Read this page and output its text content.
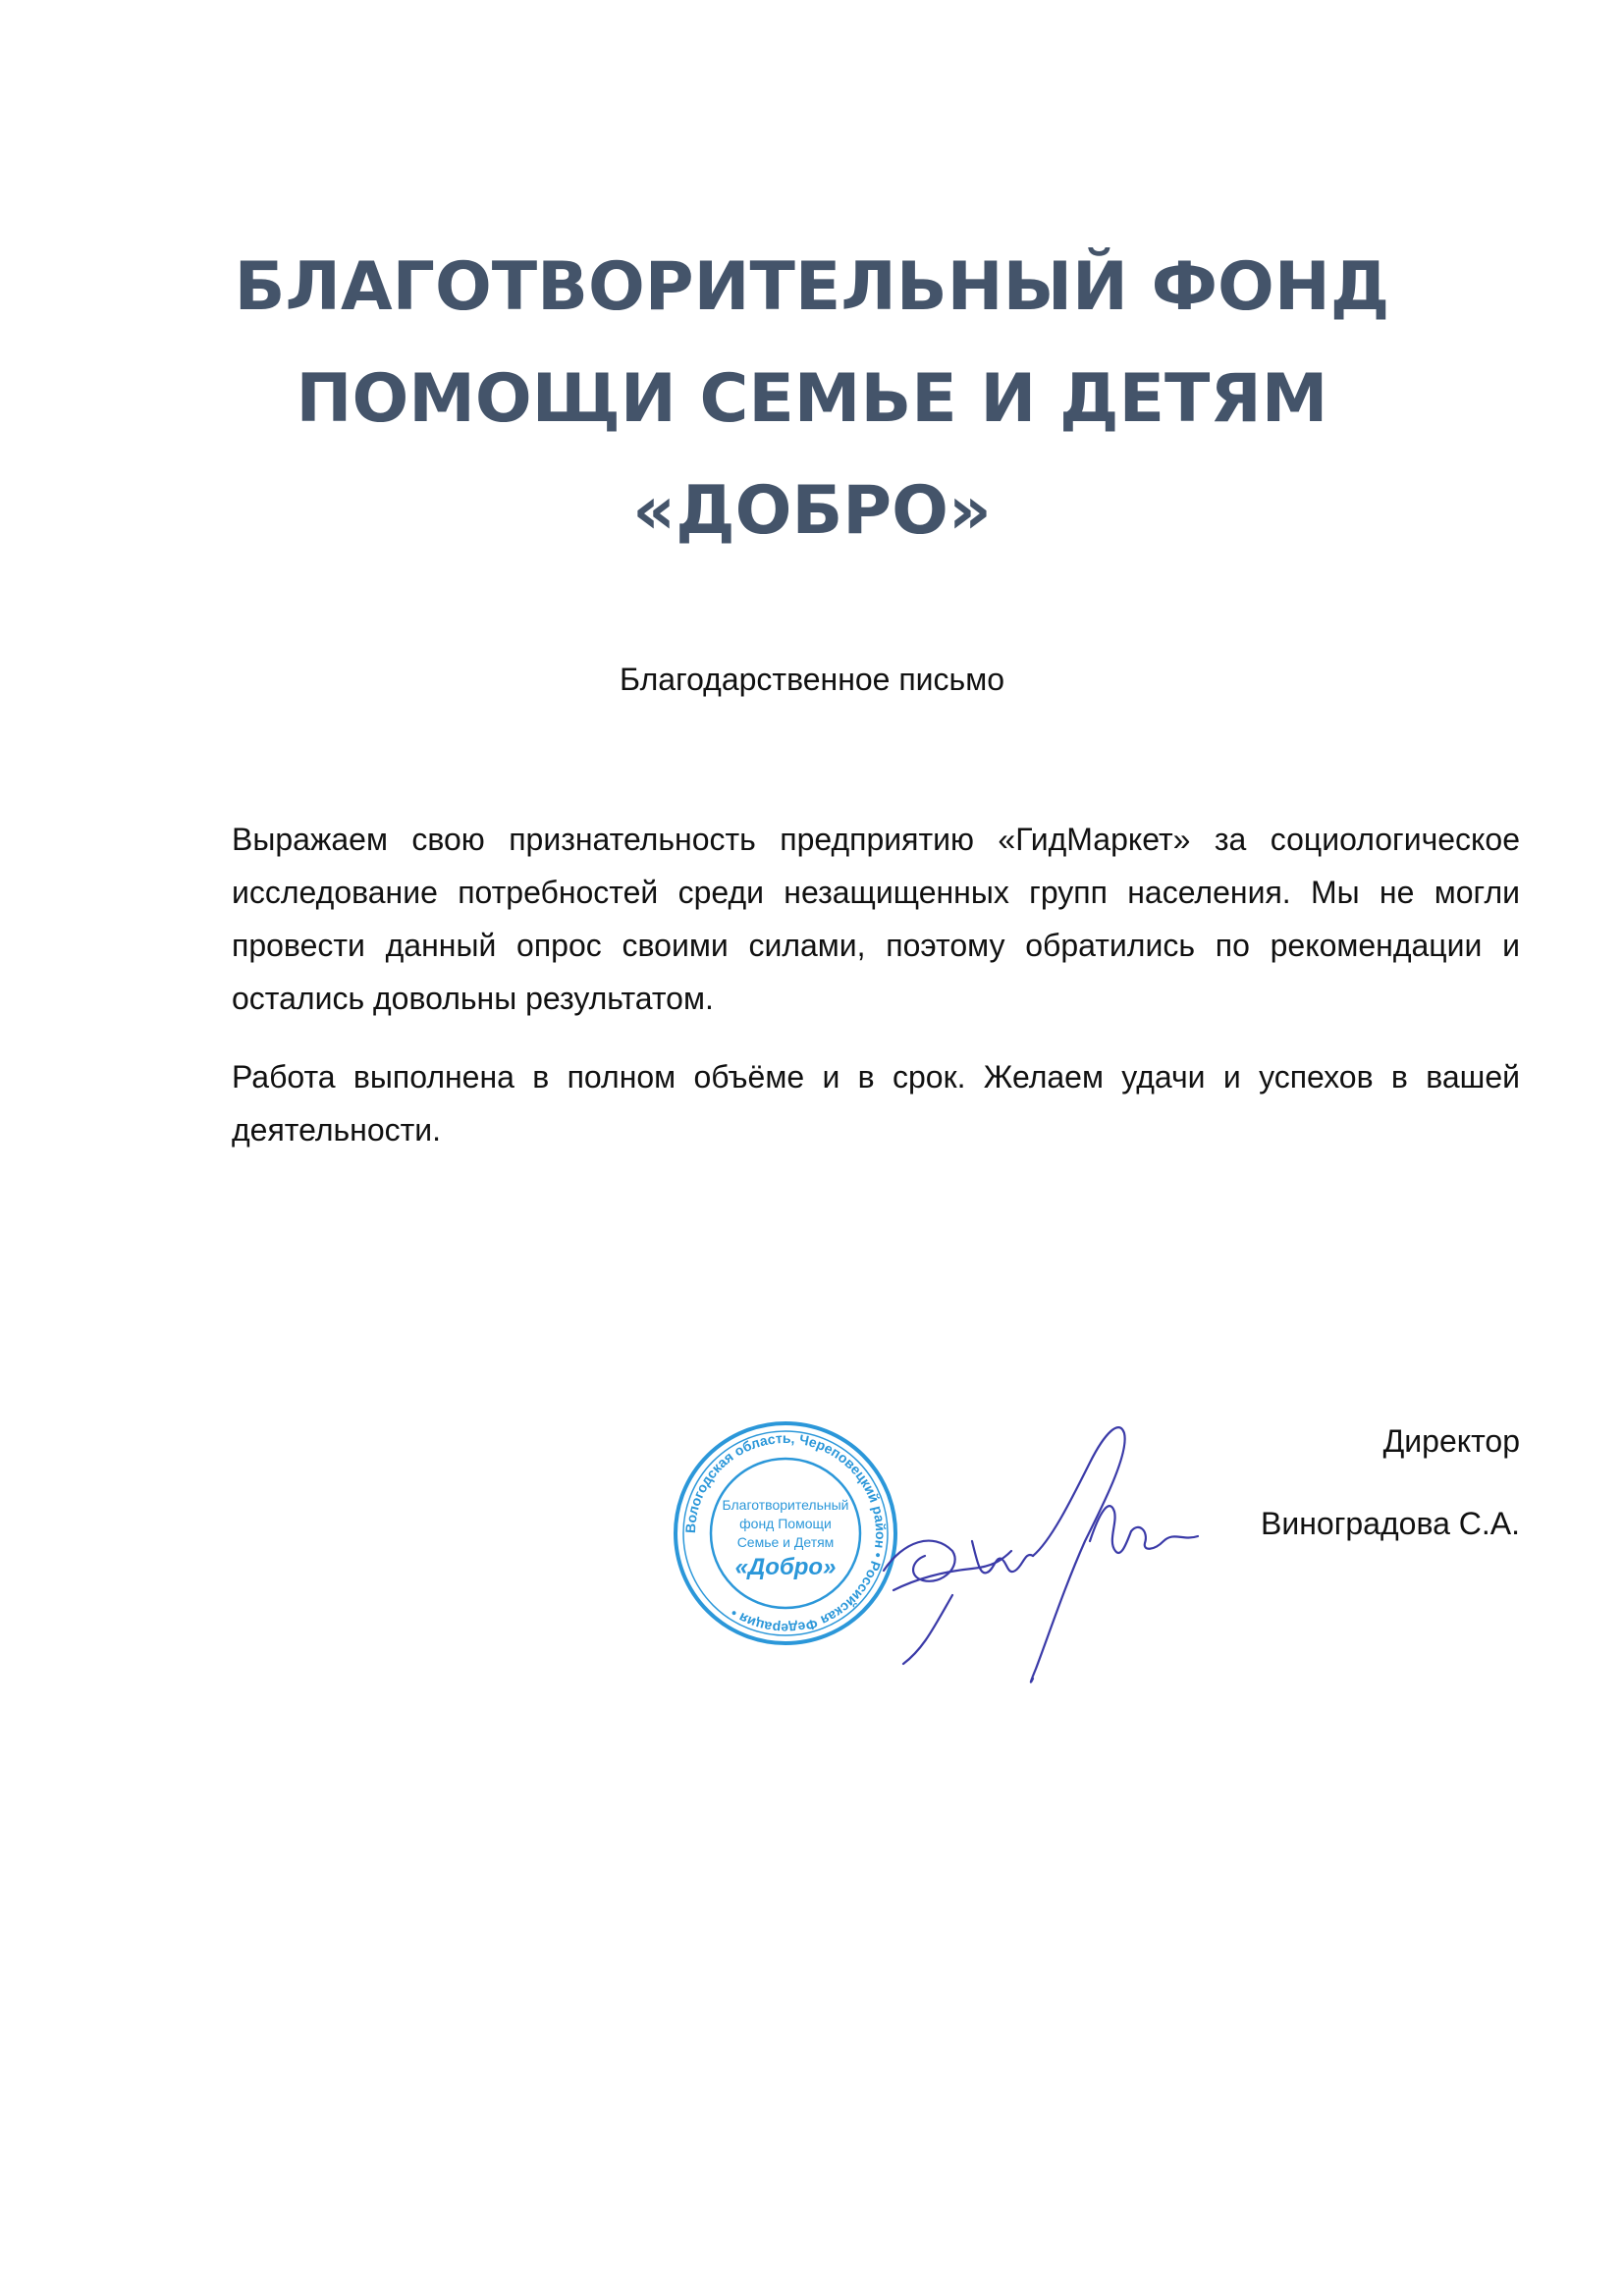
БЛАГОТВОРИТЕЛЬНЫЙ ФОНД
ПОМОЩИ СЕМЬЕ И ДЕТЯМ
«ДОБРО»
Благодарственное письмо

Выражаем свою признательность предприятию «ГидМаркет» за социологическое исследование потребностей среди незащищенных групп населения. Мы не могли провести данный опрос своими силами, поэтому обратились по рекомендации и остались довольны результатом.

Работа выполнена в полном объёме и в срок. Желаем удачи и успехов в вашей деятельности.

Вологодская область, Череповецкий район • Российская Федерация •
Благотворительный
фонд Помощи
Семье и Детям
«Добро»
Директор
Виноградова С.А.
